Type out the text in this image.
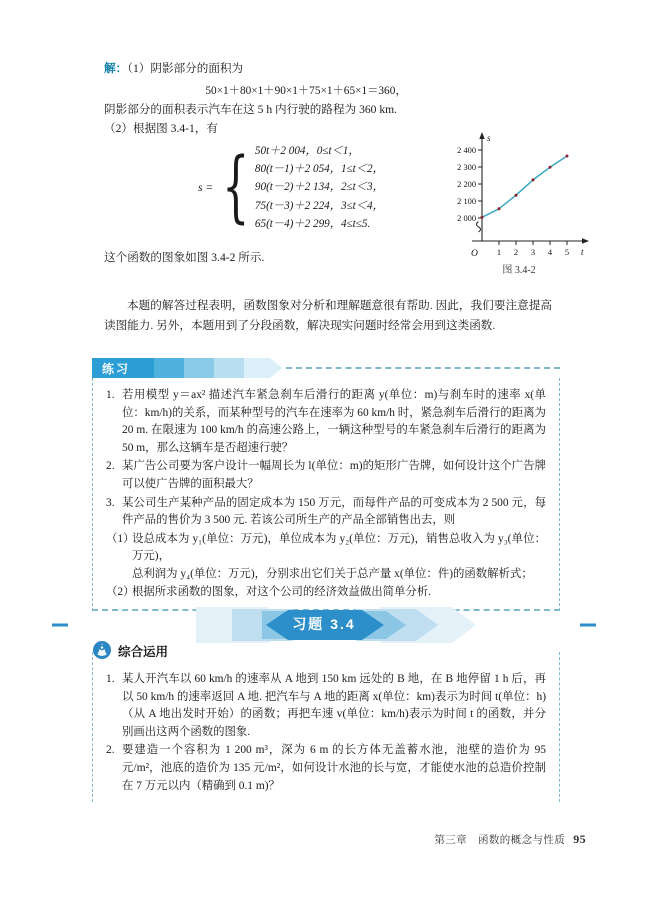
解：（1）阴影部分的面积为
50×1＋80×1＋90×1＋75×1＋65×1＝360，
阴影部分的面积表示汽车在这 5 h 内行驶的路程为 360 km.
（2）根据图 3.4-1，有
s = { 50t＋2 004，0≤t＜1，
80(t－1)＋2 054，1≤t＜2，
90(t－2)＋2 134，2≤t＜3，
75(t－3)＋2 224，3≤t＜4，
65(t－4)＋2 299，4≤t≤5.
这个函数的图象如图 3.4-2 所示.
2 400
2 300
2 200
2 100
2 000
1 2 3 4 5
s
t
O
图 3.4-2
本题的解答过程表明，函数图象对分析和理解题意很有帮助. 因此，我们要注意提高读图能力. 另外，本题用到了分段函数，解决现实问题时经常会用到这类函数.
练习
1. 若用模型 y＝ax² 描述汽车紧急刹车后滑行的距离 y(单位：m)与刹车时的速率 x(单位：km/h)的关系，而某种型号的汽车在速率为 60 km/h 时，紧急刹车后滑行的距离为 20 m. 在限速为 100 km/h 的高速公路上，一辆这种型号的车紧急刹车后滑行的距离为 50 m，那么这辆车是否超速行驶？
2. 某广告公司要为客户设计一幅周长为 l(单位：m)的矩形广告牌，如何设计这个广告牌可以使广告牌的面积最大？
3. 某公司生产某种产品的固定成本为 150 万元，而每件产品的可变成本为 2 500 元，每件产品的售价为 3 500 元. 若该公司所生产的产品全部销售出去，则
（1）
设总成本为 y₁(单位：万元)，单位成本为 y₂(单位：万元)，销售总收入为 y₃(单位：万元)，
总利润为 y₄(单位：万元)，分别求出它们关于总产量 x(单位：件)的函数解析式；
（2）
根据所求函数的图象，对这个公司的经济效益做出简单分析.
习题 3.4
综合运用
1. 某人开汽车以 60 km/h 的速率从 A 地到 150 km 远处的 B 地，在 B 地停留 1 h 后，再以 50 km/h 的速率返回 A 地. 把汽车与 A 地的距离 x(单位：km)表示为时间 t(单位：h)（从 A 地出发时开始）的函数；再把车速 v(单位：km/h)表示为时间 t 的函数，并分别画出这两个函数的图象.
2. 要建造一个容积为 1 200 m³，深为 6 m 的长方体无盖蓄水池，池壁的造价为 95 元/m²，池底的造价为 135 元/m²，如何设计水池的长与宽，才能使水池的总造价控制在 7 万元以内（精确到 0.1 m)？
第三章　函数的概念与性质 95
